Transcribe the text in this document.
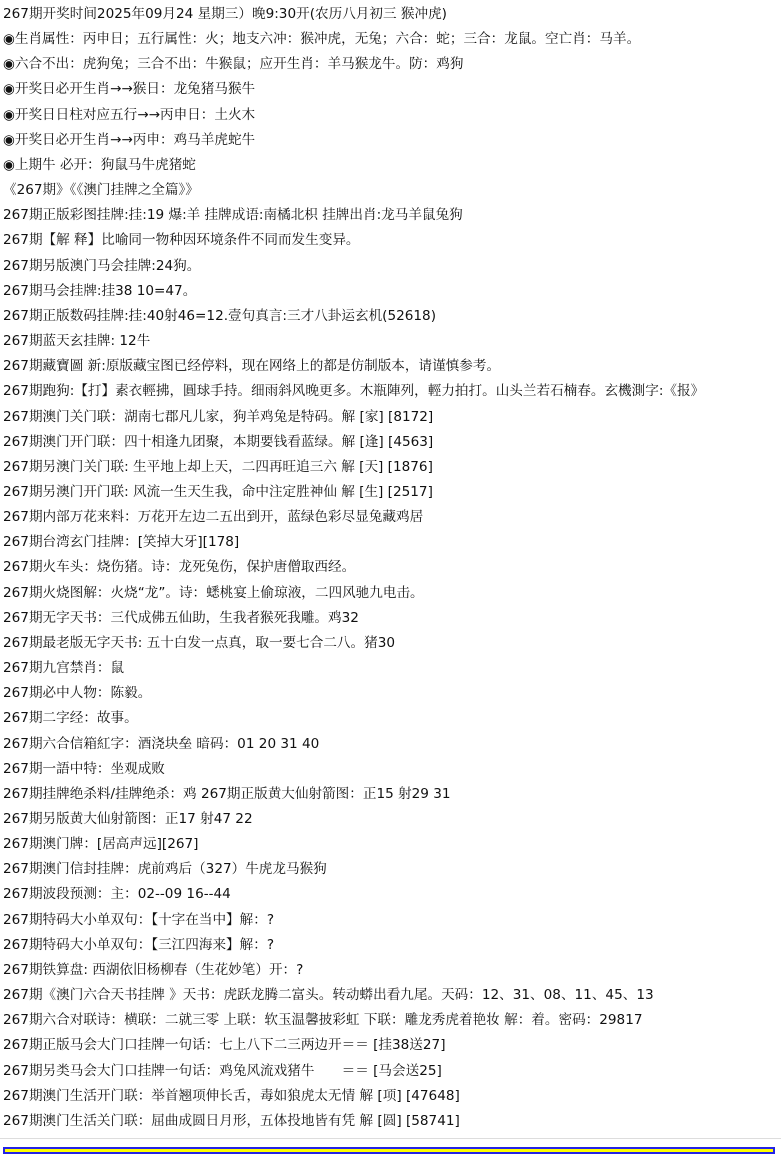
267期开奖时间2025年09月24 星期三）晚9:30开(农历八月初三 猴冲虎)
◉生肖属性：丙申日；五行属性：火；地支六冲：猴冲虎，无兔；六合：蛇；三合：龙鼠。空亡肖：马羊。
◉六合不出：虎狗兔；三合不出：牛猴鼠；应开生肖：羊马猴龙牛。防：鸡狗
◉开奖日必开生肖→→猴日：龙兔猪马猴牛
◉开奖日日柱对应五行→→丙申日：土火木
◉开奖日必开生肖→→丙申：鸡马羊虎蛇牛
◉上期牛 必开：狗鼠马牛虎猪蛇
《267期》《《澳门挂牌之全篇》》
267期正版彩图挂牌:挂:19 爆:羊 挂牌成语:南橘北枳 挂牌出肖:龙马羊鼠兔狗
267期【解 释】比喻同一物种因环境条件不同而发生变异。
267期另版澳门马会挂牌:24狗。
267期马会挂牌:挂38 10=47。
267期正版数码挂牌:挂:40射46=12.壹句真言:三才八卦运玄机(52618)
267期蓝天玄挂牌: 12牛
267期藏寶圖 新:原版藏宝图已经停料，现在网络上的都是仿制版本，请谨慎参考。
267期跑狗:【打】素衣輕拂，圓球手持。细雨斜风晚更多。木瓶陣列，輕力拍打。山头兰若石楠春。玄機測字:《报》
267期澳门关门联：湖南七郡凡儿家，狗羊鸡兔是特码。解 [家] [8172]
267期澳门开门联：四十相逢九团聚，本期要钱看蓝绿。解 [逢] [4563]
267期另澳门关门联: 生平地上却上天，二四再旺追三六 解 [天] [1876]
267期另澳门开门联: 风流一生天生我，命中注定胜神仙 解 [生] [2517]
267期内部万花来料：万花开左边二五出到开，蓝绿色彩尽显兔藏鸡居
267期台湾玄门挂牌：[笑掉大牙][178]
267期火车头：烧伤猪。诗：龙死兔伤，保护唐僧取西经。
267期火烧图解：火烧“龙”。诗：蟋桃宴上偷琼液，二四风驰九电击。
267期无字天书：三代成佛五仙助，生我者猴死我雕。鸡32
267期最老版无字天书: 五十白发一点真，取一要七合二八。猪30
267期九宫禁肖：鼠
267期必中人物：陈毅。
267期二字经：故事。
267期六合信箱紅字：酒浇块垒 暗码：01 20 31 40
267期一語中特：坐观成败
267期挂牌绝杀料/挂牌绝杀：鸡 267期正版黄大仙射箭图：正15 射29 31
267期另版黄大仙射箭图：正17 射47 22
267期澳门牌：[居高声远][267]
267期澳门信封挂牌：虎前鸡后（327）牛虎龙马猴狗
267期波段预测：主：02--09 16--44
267期特码大小单双句：【十字在当中】解：?
267期特码大小单双句：【三江四海来】解：?
267期铁算盘: 西湖依旧杨柳春（生花妙笔）开：?
267期《澳门六合天书挂牌 》天书：虎跃龙腾二富头。转动蟒出看九尾。天码：12、31、08、11、45、13
267期六合对联诗：横联：二就三零 上联：软玉温馨披彩虹 下联：雕龙秀虎着艳妆 解：着。密码：29817
267期正版马会大门口挂牌一句话：七上八下二三两边开＝＝ [挂38送27]
267期另类马会大门口挂牌一句话：鸡兔风流戏猪牛　　＝＝ [马会送25]
267期澳门生活开门联：举首翘项伸长舌，毒如狼虎太无情 解 [项] [47648]
267期澳门生活关门联：屈曲成圆日月形，五体投地皆有凭 解 [圆] [58741]
